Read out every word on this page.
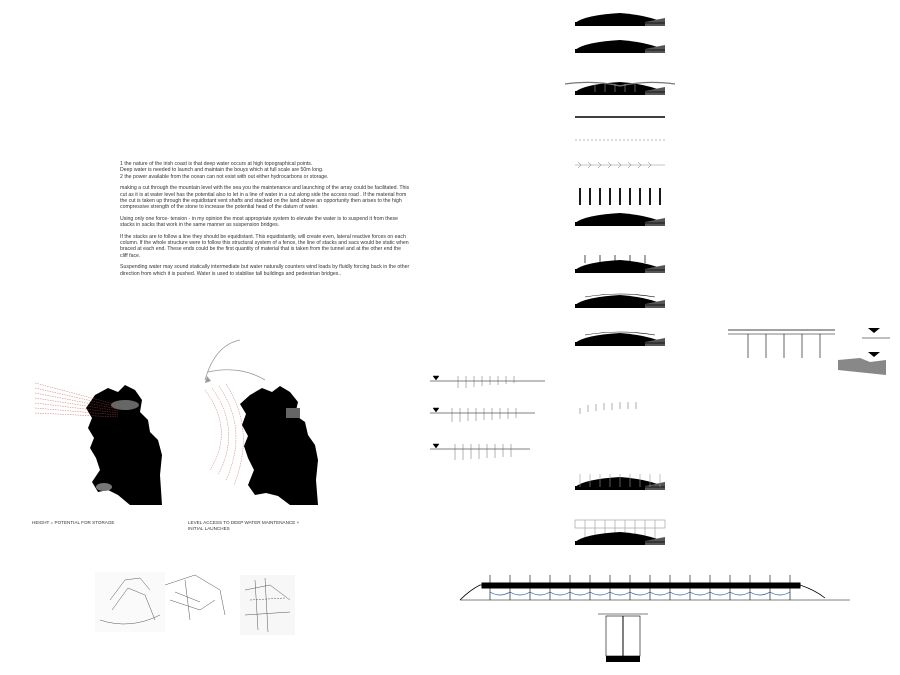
1 the nature of the irish coast is that deep water occurs at high topographical points.
Deep water is needed to launch and maintain the bouys which at full scale are 50m long.
2 the power available from the ocean can not exist with out either hydrocarbons or storage.

making a cut through the mountain level with the sea you the maintenance and launching of the array could be facilitated. This cut as it is at water level has the potential also to let in a line of water in a cut along side the access road . If the material from the cut is taken up through the equidistant vent shafts and stacked on the land above an opportunity then arises to the high compressive strength of the stone to increase the potential head of the datum of water.

Using only one force- tension - in my opinion the most appropriate system to elevate the water is to suspend it from these stacks in sacks that work in the same manner as suspension bridges.

If the stacks are to follow a line they should be equidistant. This equidistantly, will create even, lateral reactive forces on each column. If the whole structure were to follow this structural system of a fence, the line of stacks and sacs would be static when braced at each end. These ends could be the first quantity of material that is taken from the tunnel and at the other end the cliff face.

Suspending water may sound statically intermediate but water naturally counters wind loads by fluidly forcing back in the other direction from which it is pushed. Water is used to stabilise tall buildings and pedestrian bridges..

HEIGHT = POTENTIAL FOR STORAGE	LEVEL ACCESS TO DEEP WATER MAINTENANCE + INITIAL LAUNCHES
